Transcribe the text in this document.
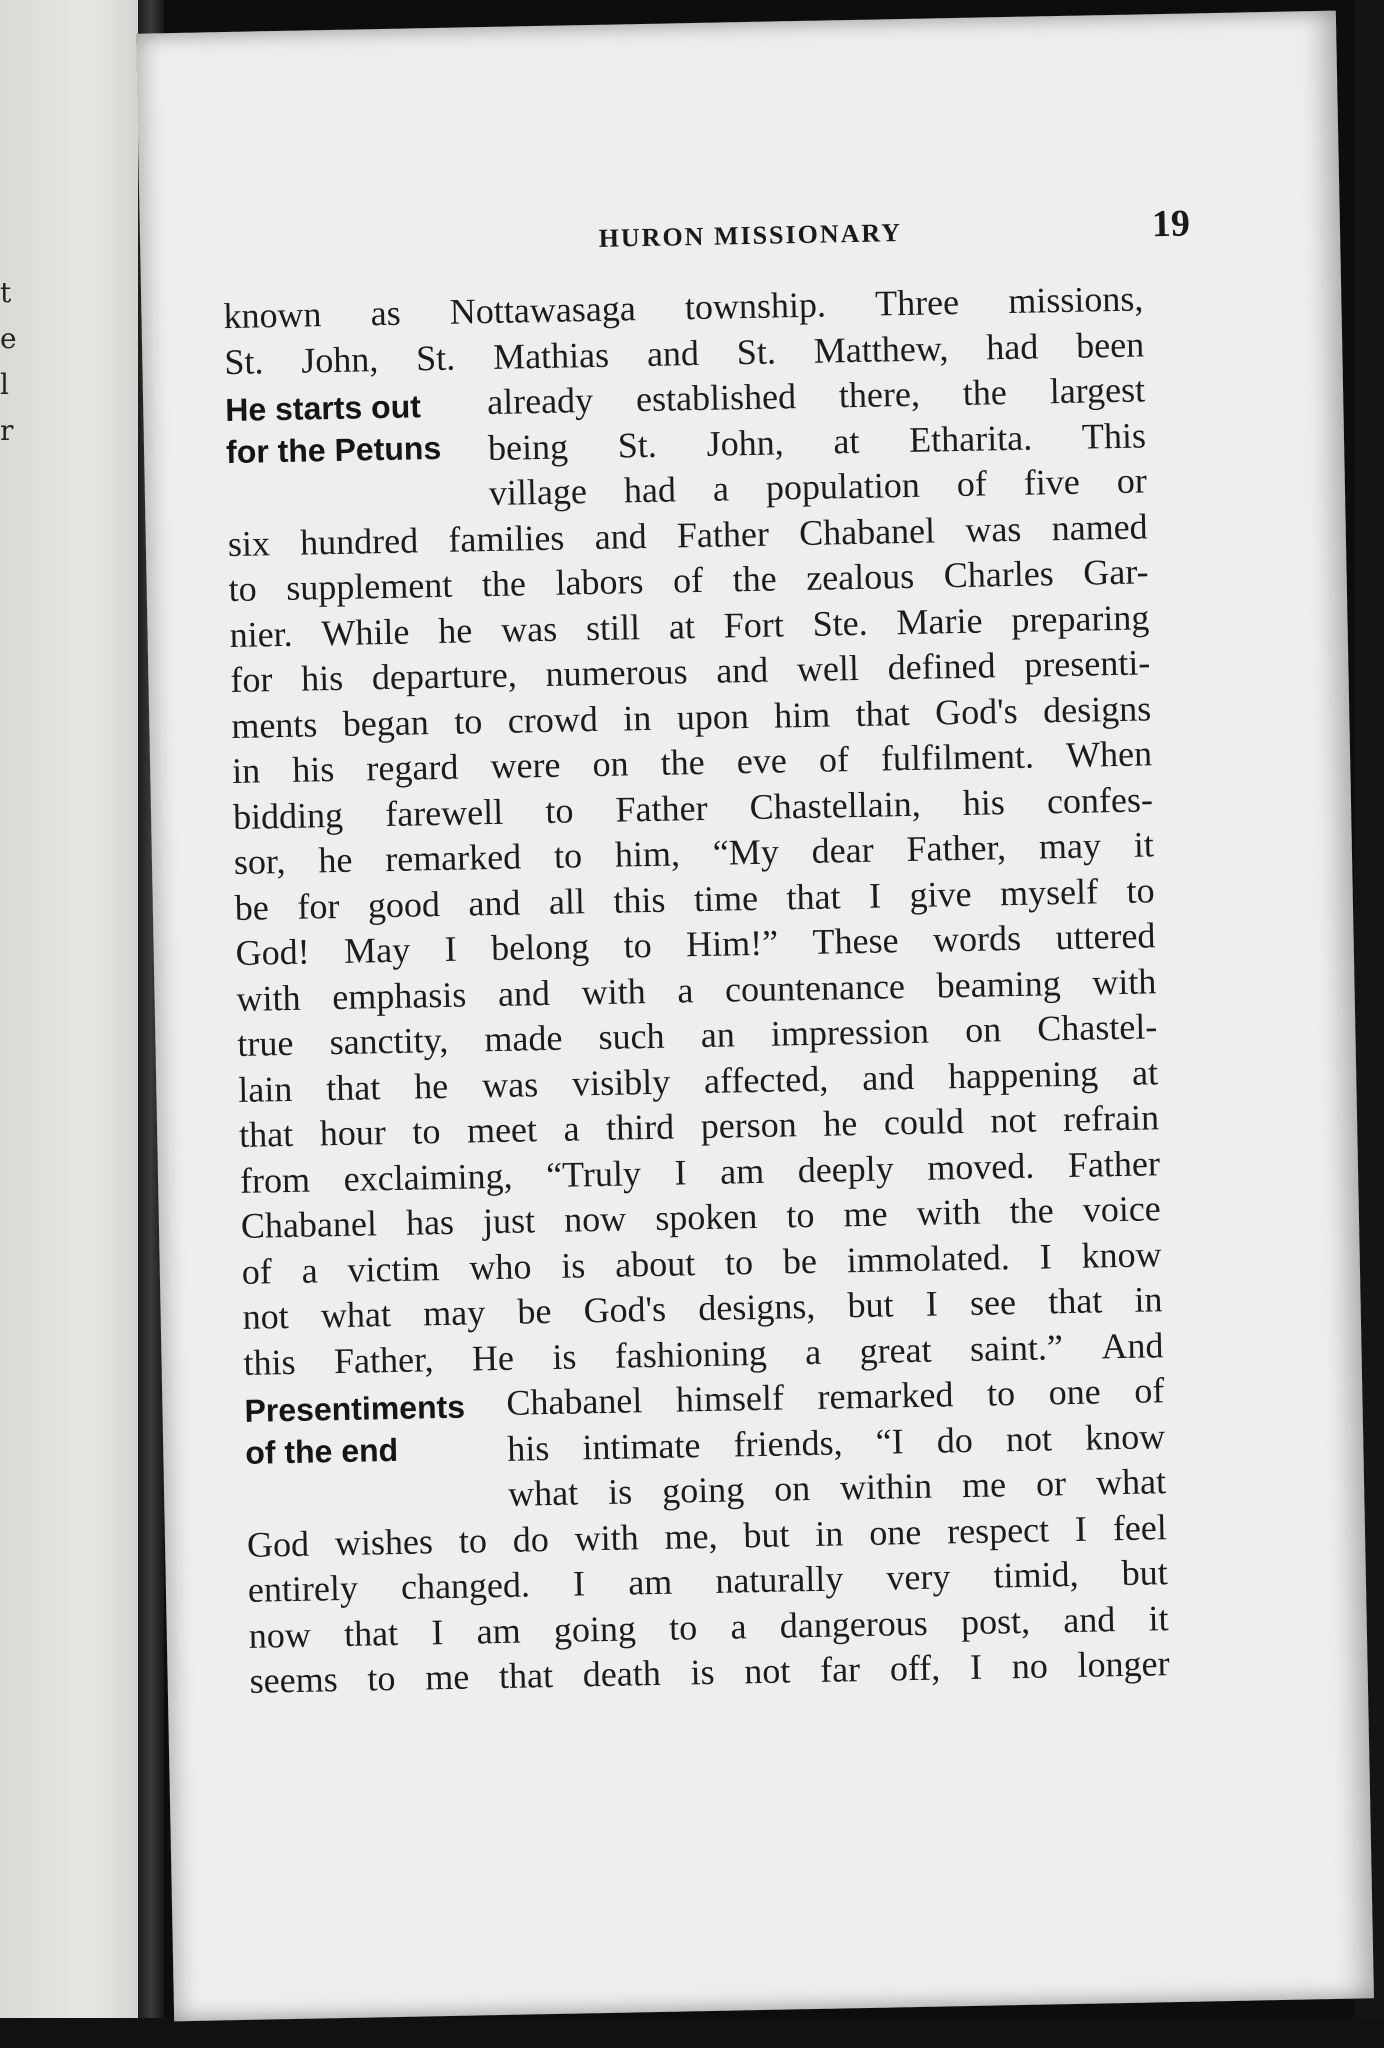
t
e
l
r
HURON MISSIONARY	19
known as Nottawasaga township. Three missions,
St. John, St. Mathias and St. Matthew, had been
He starts out
for the Petuns
already established there, the largest
being St. John, at Etharita. This
village had a population of five or
six hundred families and Father Chabanel was named
to supplement the labors of the zealous Charles Gar-
nier. While he was still at Fort Ste. Marie preparing
for his departure, numerous and well defined presenti-
ments began to crowd in upon him that God's designs
in his regard were on the eve of fulfilment. When
bidding farewell to Father Chastellain, his confes-
sor, he remarked to him, “My dear Father, may it
be for good and all this time that I give myself to
God! May I belong to Him!” These words uttered
with emphasis and with a countenance beaming with
true sanctity, made such an impression on Chastel-
lain that he was visibly affected, and happening at
that hour to meet a third person he could not refrain
from exclaiming, “Truly I am deeply moved. Father
Chabanel has just now spoken to me with the voice
of a victim who is about to be immolated. I know
not what may be God's designs, but I see that in
this Father, He is fashioning a great saint.” And
Presentiments
of the end
Chabanel himself remarked to one of
his intimate friends, “I do not know
what is going on within me or what
God wishes to do with me, but in one respect I feel
entirely changed. I am naturally very timid, but
now that I am going to a dangerous post, and it
seems to me that death is not far off, I no longer
